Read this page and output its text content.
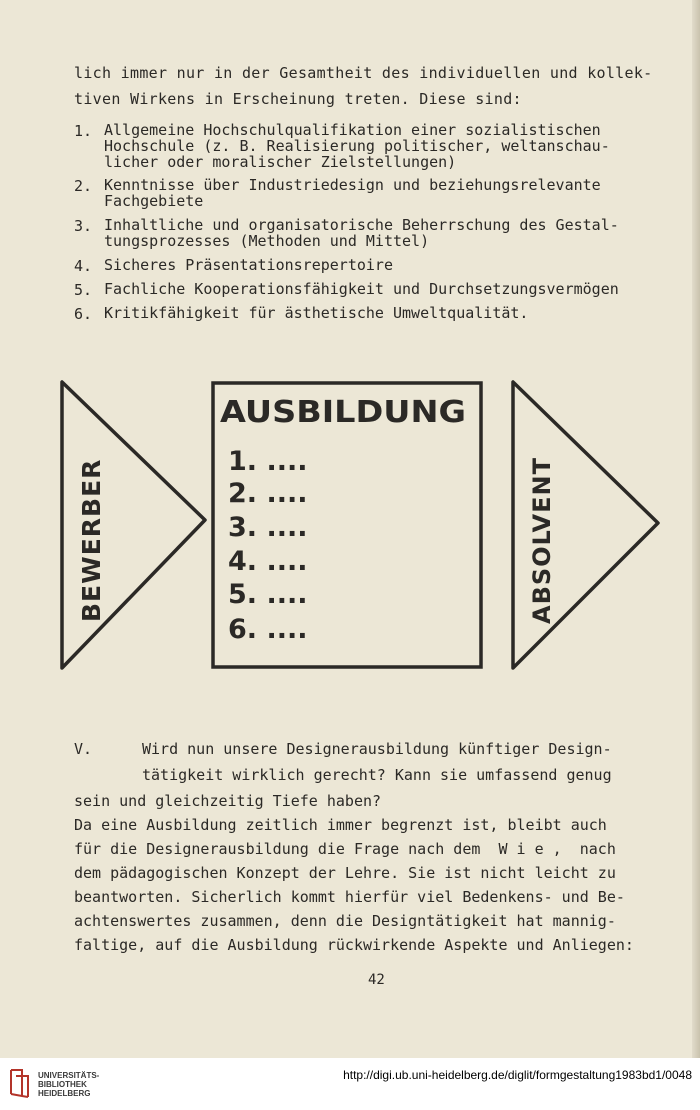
lich immer nur in der Gesamtheit des individuellen und kollek-
tiven Wirkens in Erscheinung treten. Diese sind:
1. Allgemeine Hochschulqualifikation einer sozialistischen
Hochschule (z. B. Realisierung politischer, weltanschau-
licher oder moralischer Zielstellungen)
2. Kenntnisse über Industriedesign und beziehungsrelevante
Fachgebiete
3. Inhaltliche und organisatorische Beherrschung des Gestal-
tungsprozesses (Methoden und Mittel)
4. Sicheres Präsentationsrepertoire
5. Fachliche Kooperationsfähigkeit und Durchsetzungsvermögen
6. Kritikfähigkeit für ästhetische Umweltqualität.
BEWERBER
AUSBILDUNG
1. ....
2. ....
3. ....
4. ....
5. ....
6. ....
ABSOLVENT
V.	Wird nun unsere Designerausbildung künftiger Design-
tätigkeit wirklich gerecht? Kann sie umfassend genug
sein und gleichzeitig Tiefe haben?
Da eine Ausbildung zeitlich immer begrenzt ist, bleibt auch
für die Designerausbildung die Frage nach dem  W i e ,  nach
dem pädagogischen Konzept der Lehre. Sie ist nicht leicht zu
beantworten. Sicherlich kommt hierfür viel Bedenkens- und Be-
achtenswertes zusammen, denn die Designtätigkeit hat mannig-
faltige, auf die Ausbildung rückwirkende Aspekte und Anliegen:
42
UNIVERSITÄTS-
BIBLIOTHEK
HEIDELBERG
http://digi.ub.uni-heidelberg.de/diglit/formgestaltung1983bd1/0048
